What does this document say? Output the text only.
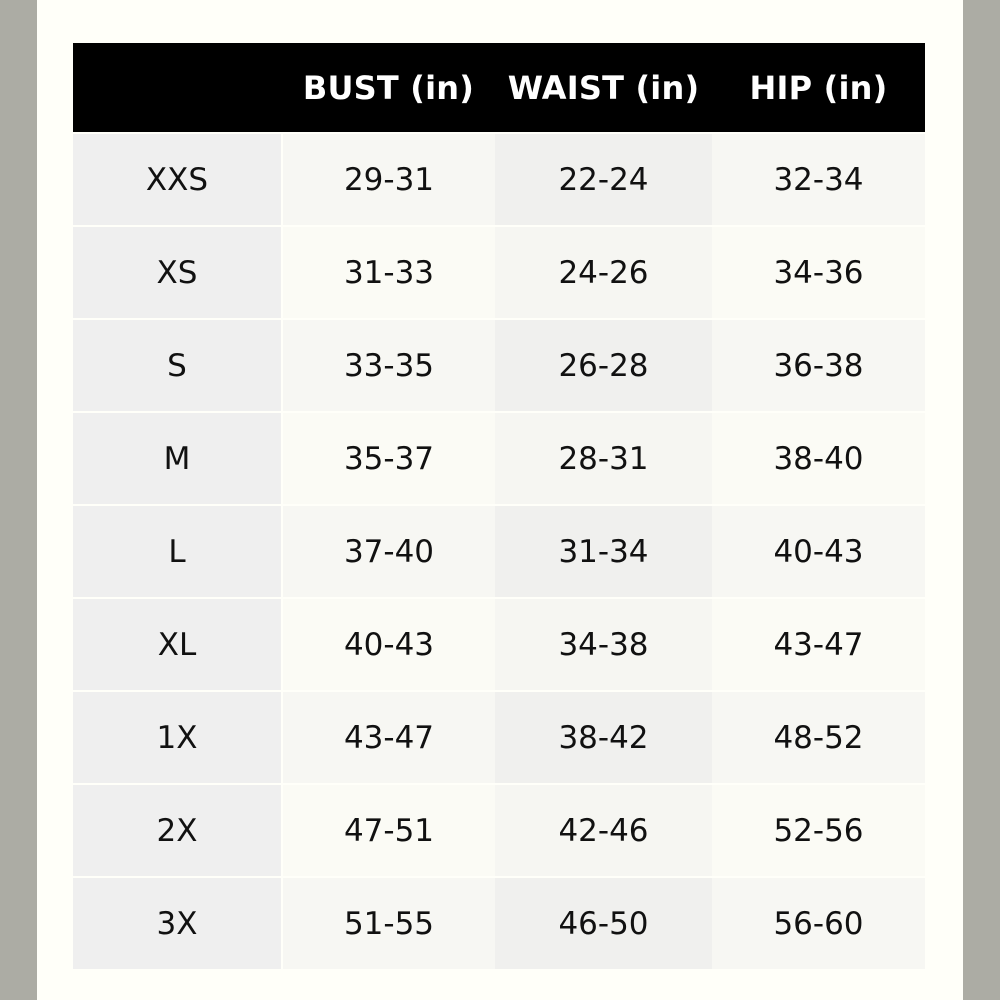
	BUST (in)	WAIST (in)	HIP (in)
XXS	29-31	22-24	32-34
XS	31-33	24-26	34-36
S	33-35	26-28	36-38
M	35-37	28-31	38-40
L	37-40	31-34	40-43
XL	40-43	34-38	43-47
1X	43-47	38-42	48-52
2X	47-51	42-46	52-56
3X	51-55	46-50	56-60
